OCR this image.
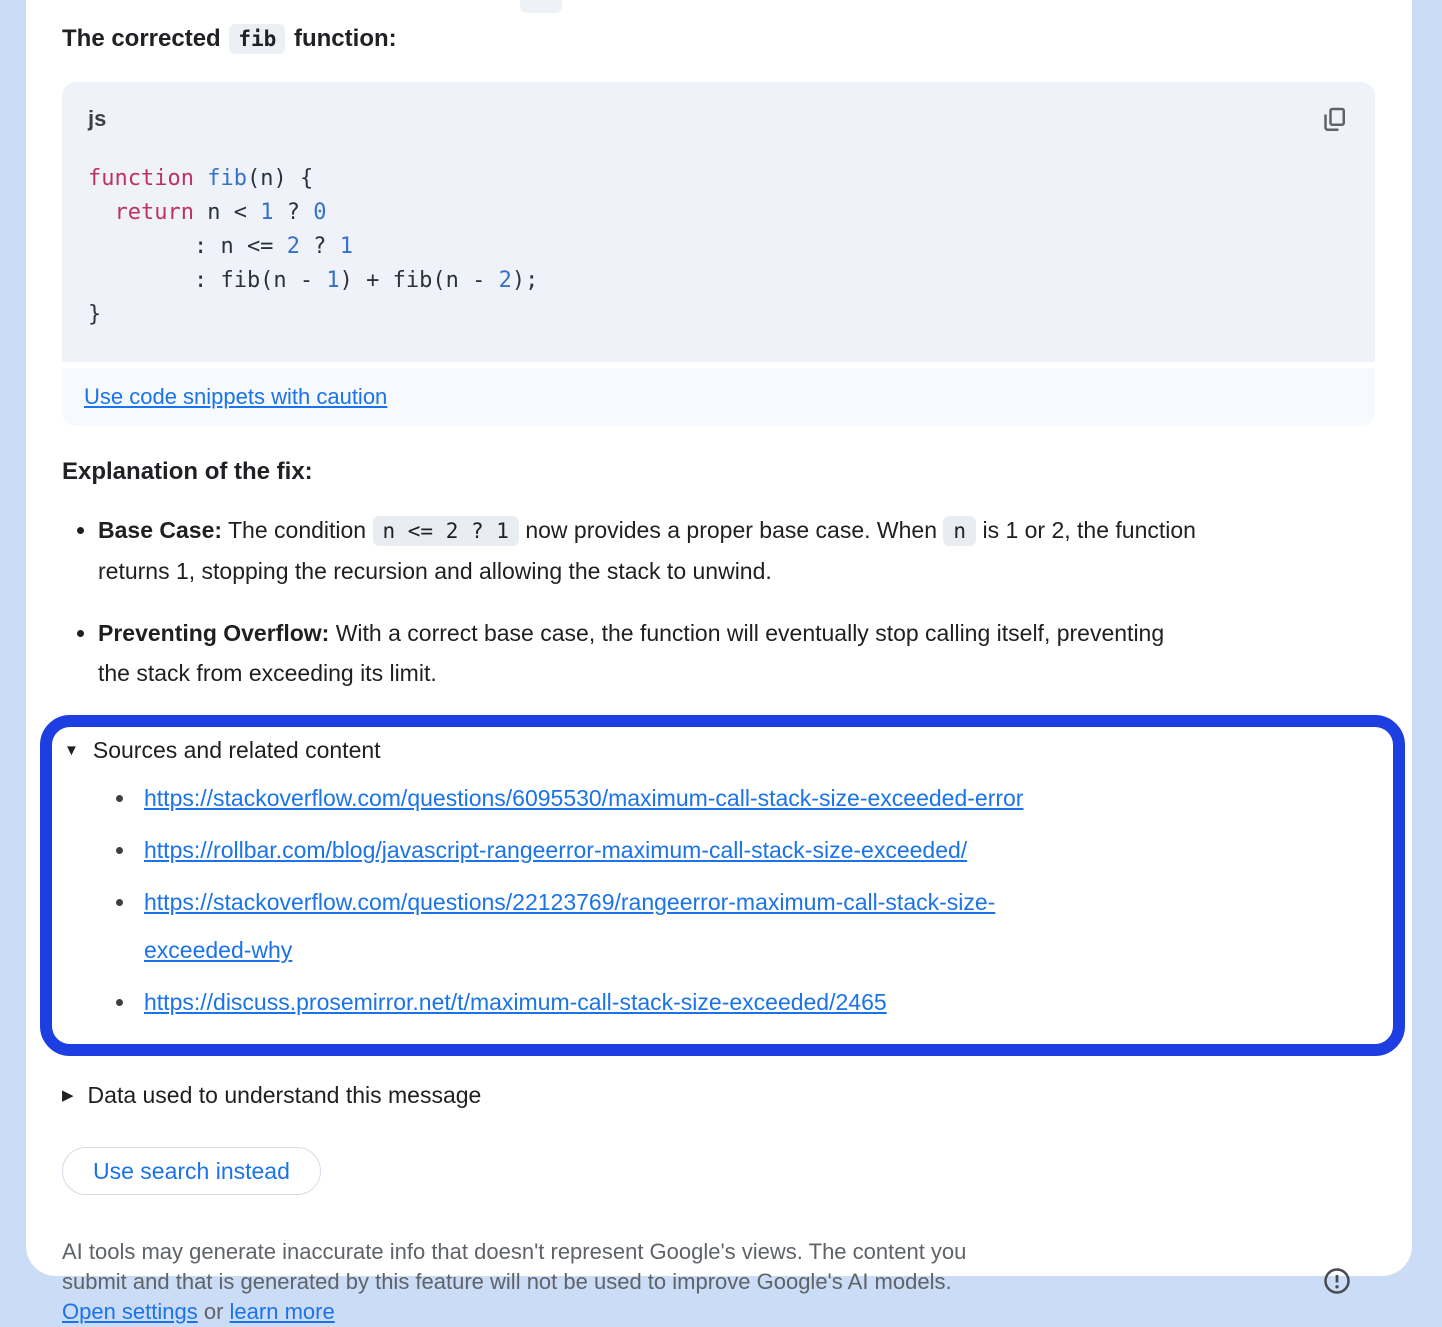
The corrected fib function:
js
function fib(n) {
return n < 1 ? 0
: n <= 2 ? 1
: fib(n - 1) + fib(n - 2);
}
Use code snippets with caution
Explanation of the fix:
• Base Case: The condition n <= 2 ? 1 now provides a proper base case. When n is 1 or 2, the function returns 1, stopping the recursion and allowing the stack to unwind.
• Preventing Overflow: With a correct base case, the function will eventually stop calling itself, preventing the stack from exceeding its limit.
▼ Sources and related content
https://stackoverflow.com/questions/6095530/maximum-call-stack-size-exceeded-error
https://rollbar.com/blog/javascript-rangeerror-maximum-call-stack-size-exceeded/
https://stackoverflow.com/questions/22123769/rangeerror-maximum-call-stack-size-exceeded-why
https://discuss.prosemirror.net/t/maximum-call-stack-size-exceeded/2465
▶ Data used to understand this message
Use search instead
AI tools may generate inaccurate info that doesn't represent Google's views. The content you
submit and that is generated by this feature will not be used to improve Google's AI models.
Open settings or learn more
